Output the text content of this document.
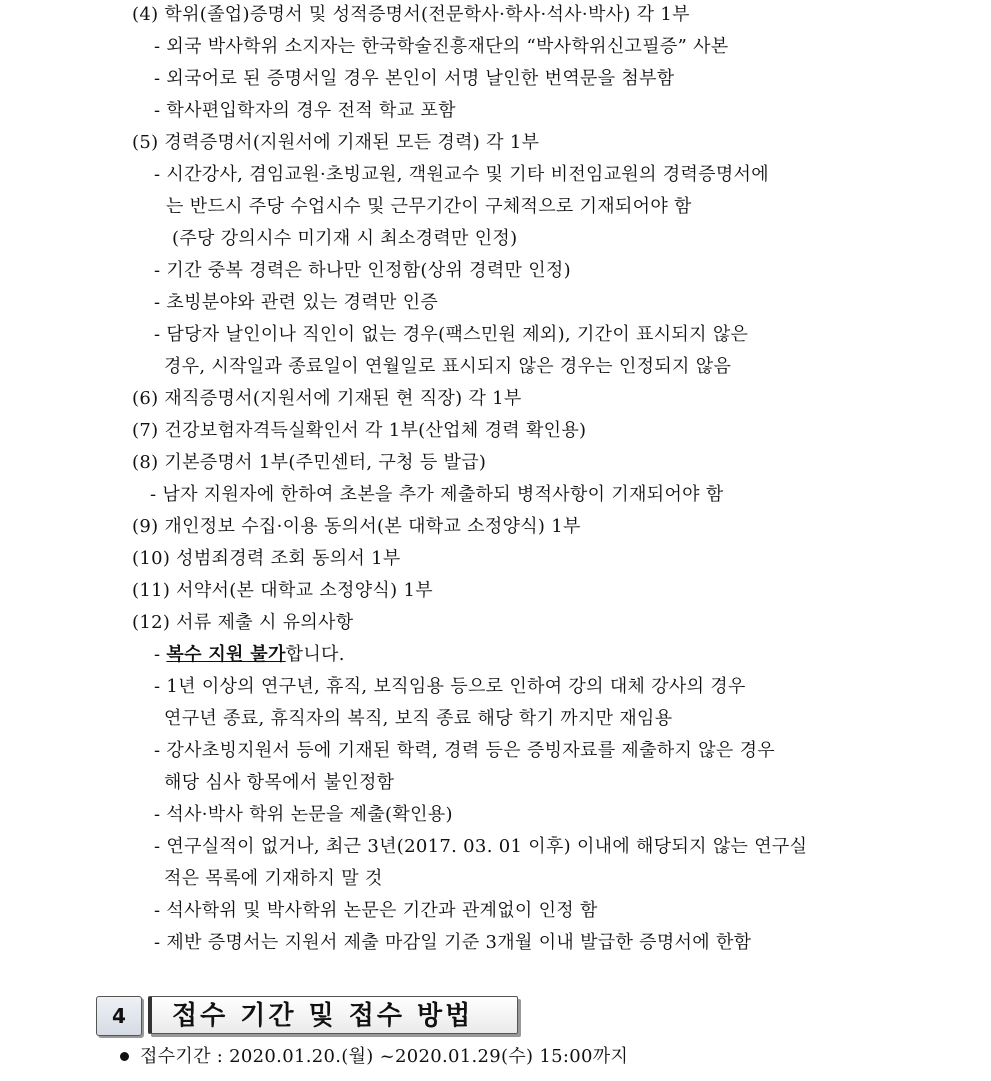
(4) 학위(졸업)증명서 및 성적증명서(전문학사·학사·석사·박사) 각 1부
- 외국 박사학위 소지자는 한국학술진흥재단의 “박사학위신고필증” 사본
- 외국어로 된 증명서일 경우 본인이 서명 날인한 번역문을 첨부함
- 학사편입학자의 경우 전적 학교 포함
(5) 경력증명서(지원서에 기재된 모든 경력) 각 1부
- 시간강사, 겸임교원·초빙교원, 객원교수 및 기타 비전임교원의 경력증명서에
는 반드시 주당 수업시수 및 근무기간이 구체적으로 기재되어야 함
(주당 강의시수 미기재 시 최소경력만 인정)
- 기간 중복 경력은 하나만 인정함(상위 경력만 인정)
- 초빙분야와 관련 있는 경력만 인증
- 담당자 날인이나 직인이 없는 경우(팩스민원 제외), 기간이 표시되지 않은
경우, 시작일과 종료일이 연월일로 표시되지 않은 경우는 인정되지 않음
(6) 재직증명서(지원서에 기재된 현 직장) 각 1부
(7) 건강보험자격득실확인서 각 1부(산업체 경력 확인용)
(8) 기본증명서 1부(주민센터, 구청 등 발급)
- 남자 지원자에 한하여 초본을 추가 제출하되 병적사항이 기재되어야 함
(9) 개인정보 수집·이용 동의서(본 대학교 소정양식) 1부
(10) 성범죄경력 조회 동의서 1부
(11) 서약서(본 대학교 소정양식) 1부
(12) 서류 제출 시 유의사항
- 복수 지원 불가합니다.
- 1년 이상의 연구년, 휴직, 보직임용 등으로 인하여 강의 대체 강사의 경우
연구년 종료, 휴직자의 복직, 보직 종료 해당 학기 까지만 재임용
- 강사초빙지원서 등에 기재된 학력, 경력 등은 증빙자료를 제출하지 않은 경우
해당 심사 항목에서 불인정함
- 석사·박사 학위 논문을 제출(확인용)
- 연구실적이 없거나, 최근 3년(2017. 03. 01 이후) 이내에 해당되지 않는 연구실
적은 목록에 기재하지 말 것
- 석사학위 및 박사학위 논문은 기간과 관계없이 인정 함
- 제반 증명서는 지원서 제출 마감일 기준 3개월 이내 발급한 증명서에 한함
4	접수 기간 및 접수 방법
접수기간 : 2020.01.20.(월) ~2020.01.29(수) 15:00까지
